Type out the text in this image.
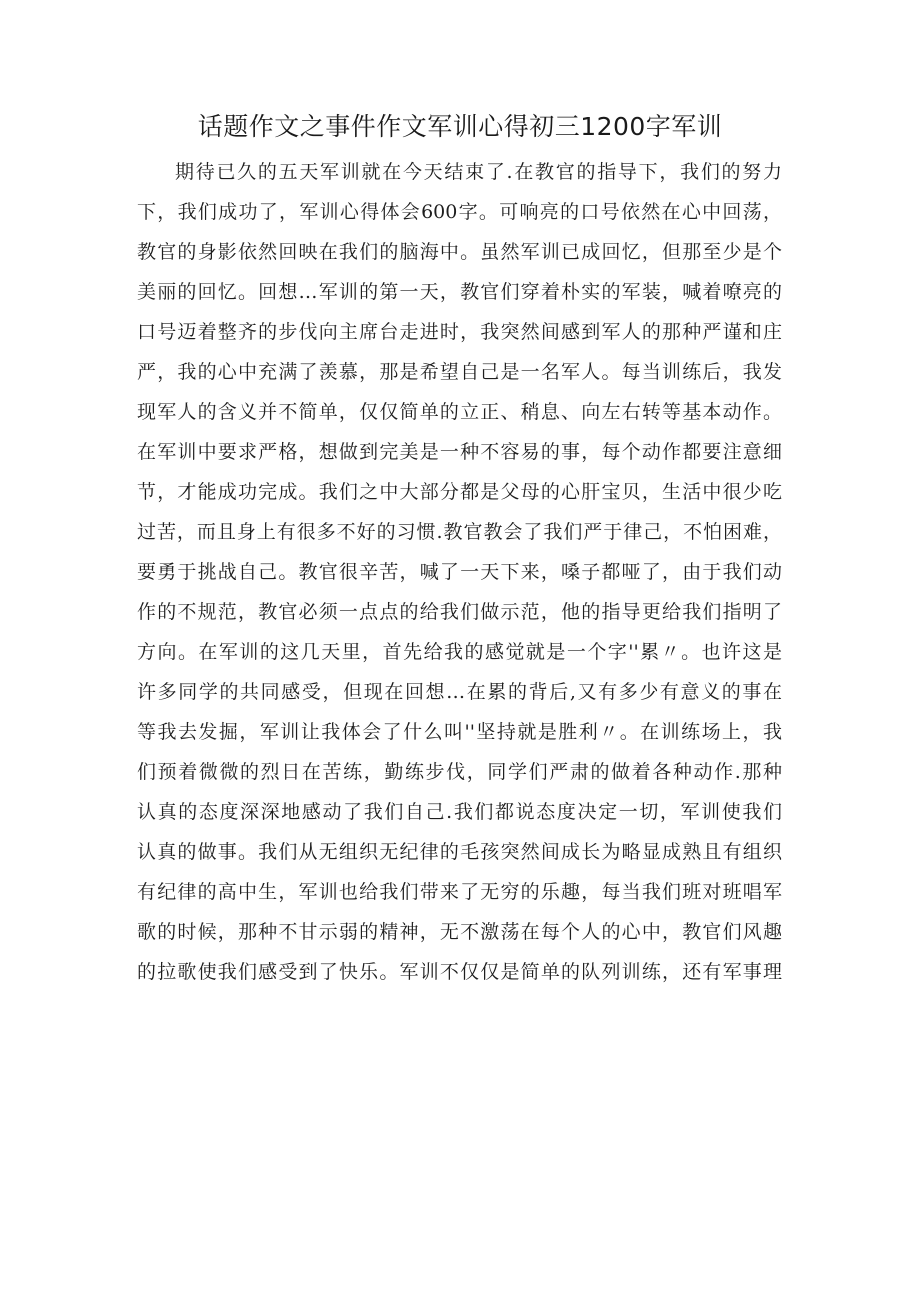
话题作文之事件作文军训心得初三1200字军训
期待已久的五天军训就在今天结束了.在教官的指导下，我们的努力
下，我们成功了，军训心得体会600字。可响亮的口号依然在心中回荡，
教官的身影依然回映在我们的脑海中。虽然军训已成回忆，但那至少是个
美丽的回忆。回想…军训的第一天，教官们穿着朴实的军装，喊着嘹亮的
口号迈着整齐的步伐向主席台走进时，我突然间感到军人的那种严谨和庄
严，我的心中充满了羡慕，那是希望自己是一名军人。每当训练后，我发
现军人的含义并不简单，仅仅简单的立正、稍息、向左右转等基本动作。
在军训中要求严格，想做到完美是一种不容易的事，每个动作都要注意细
节，才能成功完成。我们之中大部分都是父母的心肝宝贝，生活中很少吃
过苦，而且身上有很多不好的习惯.教官教会了我们严于律己，不怕困难，
要勇于挑战自己。教官很辛苦，喊了一天下来，嗓子都哑了，由于我们动
作的不规范，教官必须一点点的给我们做示范，他的指导更给我们指明了
方向。在军训的这几天里，首先给我的感觉就是一个字''累〃。也许这是
许多同学的共同感受，但现在回想…在累的背后,又有多少有意义的事在
等我去发掘，军训让我体会了什么叫''坚持就是胜利〃。在训练场上，我
们预着微微的烈日在苦练，勤练步伐，同学们严肃的做着各种动作.那种
认真的态度深深地感动了我们自己.我们都说态度决定一切，军训使我们
认真的做事。我们从无组织无纪律的毛孩突然间成长为略显成熟且有组织
有纪律的高中生，军训也给我们带来了无穷的乐趣，每当我们班对班唱军
歌的时候，那种不甘示弱的精神，无不激荡在每个人的心中，教官们风趣
的拉歌使我们感受到了快乐。军训不仅仅是简单的队列训练，还有军事理
